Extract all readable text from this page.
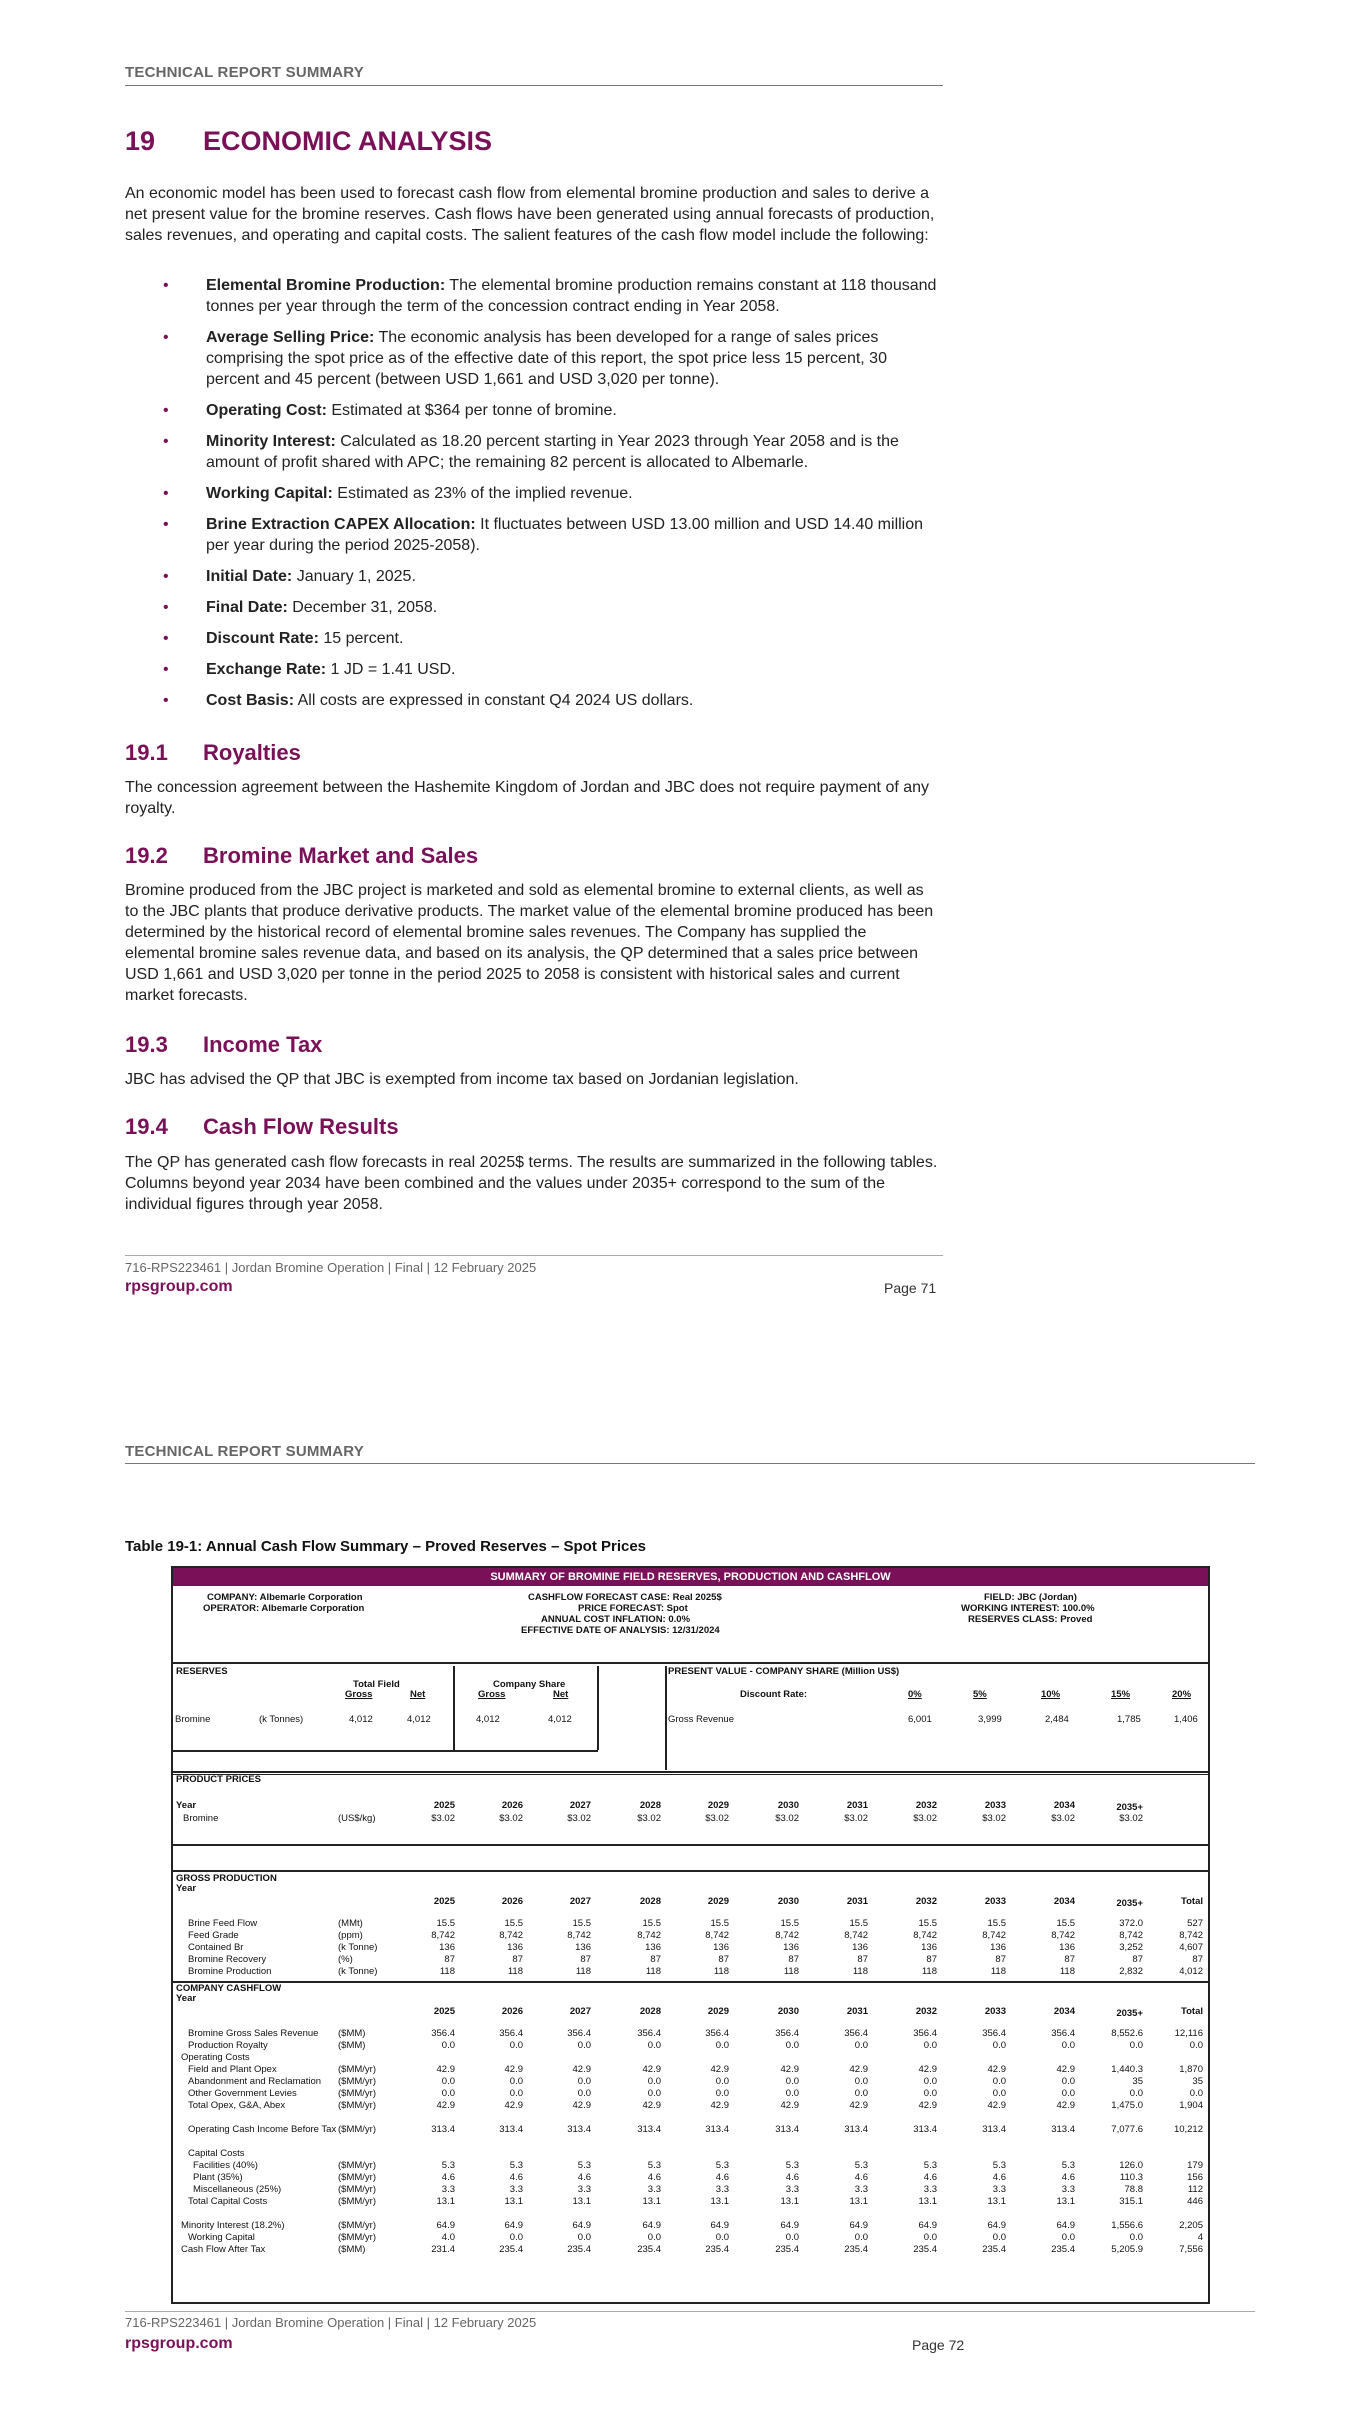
TECHNICAL REPORT SUMMARY
19 ECONOMIC ANALYSIS

An economic model has been used to forecast cash flow from elemental bromine production and sales to derive a net present value for the bromine reserves. Cash flows have been generated using annual forecasts of production, sales revenues, and operating and capital costs. The salient features of the cash flow model include the following:

• Elemental Bromine Production: The elemental bromine production remains constant at 118 thousand tonnes per year through the term of the concession contract ending in Year 2058.
• Average Selling Price: The economic analysis has been developed for a range of sales prices comprising the spot price as of the effective date of this report, the spot price less 15 percent, 30 percent and 45 percent (between USD 1,661 and USD 3,020 per tonne).
• Operating Cost: Estimated at $364 per tonne of bromine.
• Minority Interest: Calculated as 18.20 percent starting in Year 2023 through Year 2058 and is the amount of profit shared with APC; the remaining 82 percent is allocated to Albemarle.
• Working Capital: Estimated as 23% of the implied revenue.
• Brine Extraction CAPEX Allocation: It fluctuates between USD 13.00 million and USD 14.40 million per year during the period 2025-2058).
• Initial Date: January 1, 2025.
• Final Date: December 31, 2058.
• Discount Rate: 15 percent.
• Exchange Rate: 1 JD = 1.41 USD.
• Cost Basis: All costs are expressed in constant Q4 2024 US dollars.
19.1 Royalties

The concession agreement between the Hashemite Kingdom of Jordan and JBC does not require payment of any royalty.

19.2 Bromine Market and Sales

Bromine produced from the JBC project is marketed and sold as elemental bromine to external clients, as well as to the JBC plants that produce derivative products. The market value of the elemental bromine produced has been determined by the historical record of elemental bromine sales revenues. The Company has supplied the elemental bromine sales revenue data, and based on its analysis, the QP determined that a sales price between USD 1,661 and USD 3,020 per tonne in the period 2025 to 2058 is consistent with historical sales and current market forecasts.

19.3 Income Tax

JBC has advised the QP that JBC is exempted from income tax based on Jordanian legislation.

19.4 Cash Flow Results

The QP has generated cash flow forecasts in real 2025$ terms. The results are summarized in the following tables. Columns beyond year 2034 have been combined and the values under 2035+ correspond to the sum of the individual figures through year 2058.

716-RPS223461 | Jordan Bromine Operation | Final | 12 February 2025
rpsgroup.com	Page 71
TECHNICAL REPORT SUMMARY
Table 19-1: Annual Cash Flow Summary – Proved Reserves – Spot Prices
SUMMARY OF BROMINE FIELD RESERVES, PRODUCTION AND CASHFLOW
COMPANY: Albemarle Corporation
OPERATOR: Albemarle Corporation
CASHFLOW FORECAST CASE: Real 2025$
PRICE FORECAST: Spot
ANNUAL COST INFLATION: 0.0%
EFFECTIVE DATE OF ANALYSIS: 12/31/2024
FIELD: JBC (Jordan)
WORKING INTEREST: 100.0%
RESERVES CLASS: Proved
RESERVES
Total Field	Company Share
Gross	Net	Gross	Net
Bromine	(k Tonnes)	4,012	4,012	4,012	4,012
PRESENT VALUE - COMPANY SHARE (Million US$)
Discount Rate:	0%	5%	10%	15%	20%
Gross Revenue	6,001	3,999	2,484	1,785	1,406
PRODUCT PRICES
Year
Bromine	(US$/kg)
2025	2026	2027	2028	2029	2030	2031	2032	2033	2034	2035+
$3.02	$3.02	$3.02	$3.02	$3.02	$3.02	$3.02	$3.02	$3.02	$3.02	$3.02
GROSS PRODUCTION
Year
2025	2026	2027	2028	2029	2030	2031	2032	2033	2034	2035+	Total
Brine Feed Flow	(MMt)	15.5	15.5	15.5	15.5	15.5	15.5	15.5	15.5	15.5	15.5	372.0	527
Feed Grade	(ppm)	8,742	8,742	8,742	8,742	8,742	8,742	8,742	8,742	8,742	8,742	8,742	8,742
Contained Br	(k Tonne)	136	136	136	136	136	136	136	136	136	136	3,252	4,607
Bromine Recovery	(%)	87	87	87	87	87	87	87	87	87	87	87	87
Bromine Production	(k Tonne)	118	118	118	118	118	118	118	118	118	118	2,832	4,012
COMPANY CASHFLOW
Year
2025	2026	2027	2028	2029	2030	2031	2032	2033	2034	2035+	Total
Bromine Gross Sales Revenue ($MM)	356.4	356.4	356.4	356.4	356.4	356.4	356.4	356.4	356.4	356.4	8,552.6	12,116
Production Royalty	($MM)	0.0	0.0	0.0	0.0	0.0	0.0	0.0	0.0	0.0	0.0	0.0	0.0
Operating Costs
Field and Plant Opex	($MM/yr)	42.9	42.9	42.9	42.9	42.9	42.9	42.9	42.9	42.9	42.9	1,440.3	1,870
Abandonment and Reclamation ($MM/yr)	0.0	0.0	0.0	0.0	0.0	0.0	0.0	0.0	0.0	0.0	35	35
Other Government Levies	($MM/yr)	0.0	0.0	0.0	0.0	0.0	0.0	0.0	0.0	0.0	0.0	0.0	0.0
Total Opex, G&A, Abex	($MM/yr)	42.9	42.9	42.9	42.9	42.9	42.9	42.9	42.9	42.9	42.9	1,475.0	1,904
Operating Cash Income Before Tax ($MM/yr)	313.4	313.4	313.4	313.4	313.4	313.4	313.4	313.4	313.4	313.4	7,077.6	10,212
Capital Costs
Facilities (40%)	($MM/yr)	5.3	5.3	5.3	5.3	5.3	5.3	5.3	5.3	5.3	5.3	126.0	179
Plant (35%)	($MM/yr)	4.6	4.6	4.6	4.6	4.6	4.6	4.6	4.6	4.6	4.6	110.3	156
Miscellaneous (25%)	($MM/yr)	3.3	3.3	3.3	3.3	3.3	3.3	3.3	3.3	3.3	3.3	78.8	112
Total Capital Costs	($MM/yr)	13.1	13.1	13.1	13.1	13.1	13.1	13.1	13.1	13.1	13.1	315.1	446
Minority Interest (18.2%)	($MM/yr)	64.9	64.9	64.9	64.9	64.9	64.9	64.9	64.9	64.9	64.9	1,556.6	2,205
Working Capital	($MM/yr)	4.0	0.0	0.0	0.0	0.0	0.0	0.0	0.0	0.0	0.0	0.0	4
Cash Flow After Tax	($MM)	231.4	235.4	235.4	235.4	235.4	235.4	235.4	235.4	235.4	235.4	5,205.9	7,556
716-RPS223461 | Jordan Bromine Operation | Final | 12 February 2025
rpsgroup.com	Page 72
